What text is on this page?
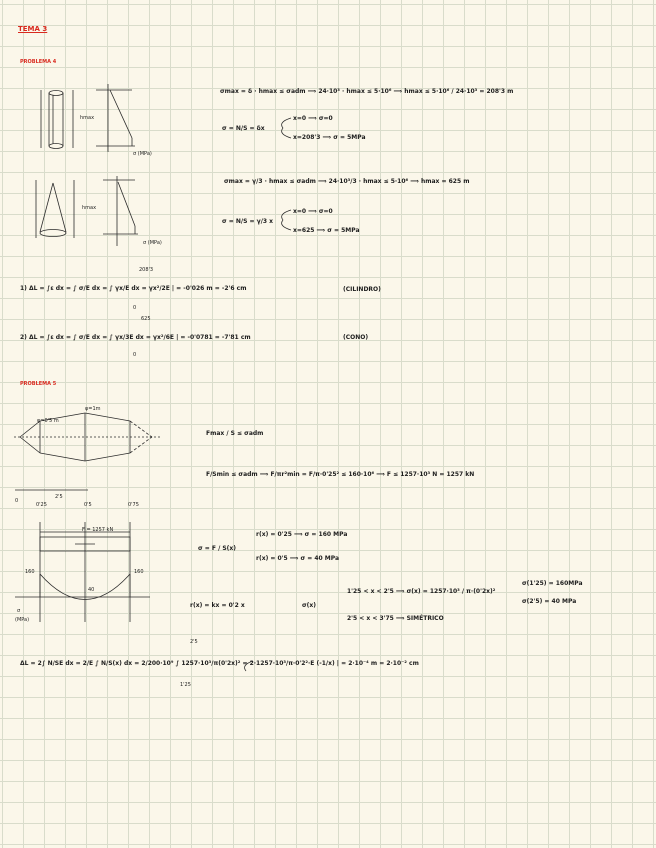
TEMA 3
PROBLEMA 4
hmax
σ (MPa)
hmax
σ (MPa)
σmax = δ · hmax ≤ σadm ⟹ 24·10³ · hmax ≤ 5·10⁶ ⟹ hmax ≤ 5·10⁶ / 24·10³ = 208'3 m
σ = N/S = δx
x=0 ⟹ σ=0
x=208'3 ⟹ σ = 5MPa
σmax = γ/3 · hmax ≤ σadm ⟹ 24·10³/3 · hmax ≤ 5·10⁶ ⟹ hmax = 625 m
σ = N/S = γ/3 x
x=0 ⟹ σ=0
x=625 ⟹ σ = 5MPa
208'3
1) ΔL = ∫ε dx = ∫ σ/E dx = ∫ γx/E dx = γx²/2E | = -0'026 m = -2'6 cm
0
(CILINDRO)
625
2) ΔL = ∫ε dx = ∫ σ/E dx = ∫ γx/3E dx = γx²/6E | = -0'0781 = -7'81 cm
0
(CONO)
PROBLEMA 5
φ=0'5 m
φ=1m
0
0'25
2'5
0'5	0'75
F = 1257 kN
160	160
40
σ
(MPa)
Fmax / S ≤ σadm
F/Smin ≤ σadm ⟹ F/πr²min = F/π·0'25² ≤ 160·10⁶ ⟹ F ≤ 1257·10³ N = 1257 kN
σ = F / S(x)
r(x) = 0'25 ⟹ σ = 160 MPa
r(x) = 0'5 ⟹ σ = 40 MPa
r(x) = kx = 0'2 x	σ(x)
1'25 < x < 2'5 ⟹ σ(x) = 1257·10³ / π·(0'2x)²
2'5 < x < 3'75 ⟹ SIMÉTRICO
σ(1'25) = 160MPa
σ(2'5) = 40 MPa
2'5
ΔL = 2∫ N/SE dx = 2/E ∫ N/S(x) dx = 2/200·10⁹ ∫ 1257·10³/π(0'2x)² = 2·1257·10³/π·0'2²·E (-1/x) | = 2·10⁻⁴ m = 2·10⁻² cm
1'25
